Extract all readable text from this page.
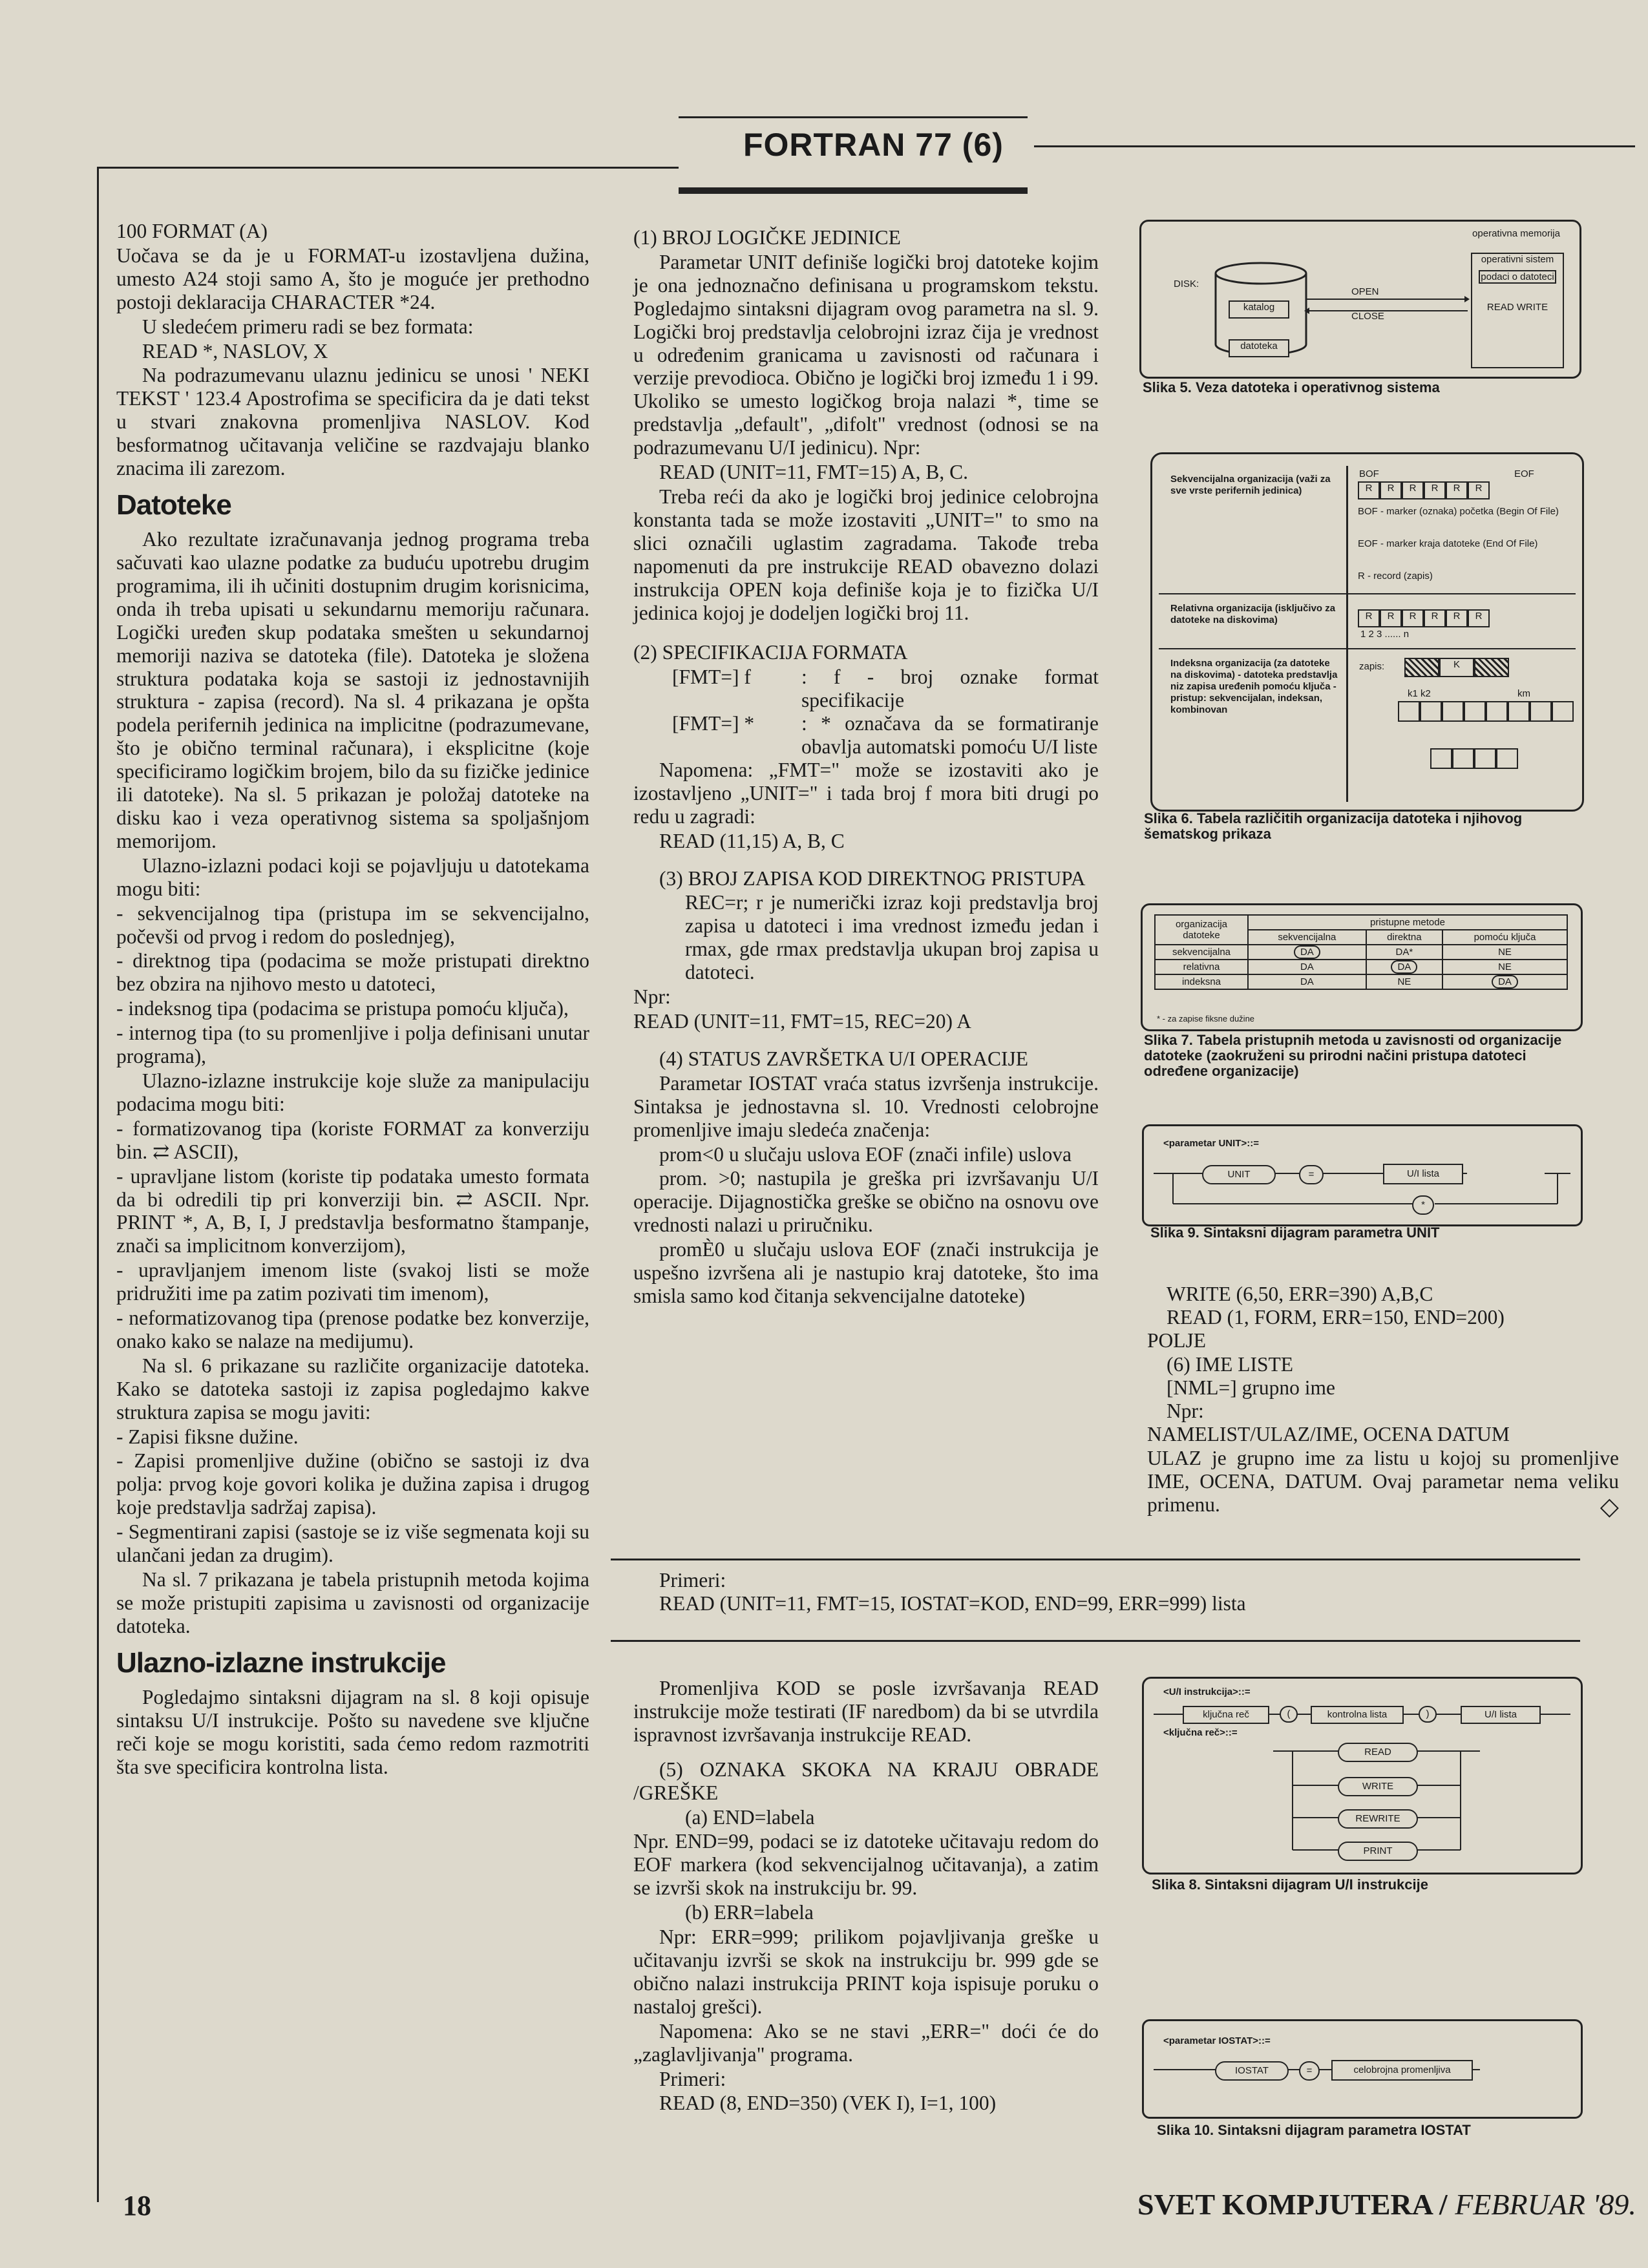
FORTRAN 77 (6)

100 FORMAT (A)

Uočava se da je u FORMAT-u izostavljena dužina, umesto A24 stoji samo A, što je moguće jer prethodno postoji deklaracija CHARACTER *24.

U sledećem primeru radi se bez formata:

READ *, NASLOV, X

Na podrazumevanu ulaznu jedinicu se unosi ' NEKI TEKST ' 123.4 Apostrofima se specificira da je dati tekst u stvari znakovna promenljiva NASLOV. Kod besformatnog učitavanja veličine se razdvajaju blanko znacima ili zarezom.

Datoteke

Ako rezultate izračunavanja jednog programa treba sačuvati kao ulazne podatke za buduću upotrebu drugim programima, ili ih učiniti dostupnim drugim korisnicima, onda ih treba upisati u sekundarnu memoriju računara. Logički uređen skup podataka smešten u sekundarnoj memoriji naziva se datoteka (file). Datoteka je složena struktura podataka koja se sastoji iz jednostavnijih struktura - zapisa (record). Na sl. 4 prikazana je opšta podela perifernih jedinica na implicitne (podrazumevane, što je obično terminal računara), i eksplicitne (koje specificiramo logičkim brojem, bilo da su fizičke jedinice ili datoteke). Na sl. 5 prikazan je položaj datoteke na disku kao i veza operativnog sistema sa spoljašnjom memorijom.

Ulazno-izlazni podaci koji se pojavljuju u datotekama mogu biti:

- sekvencijalnog tipa (pristupa im se sekvencijalno, počevši od prvog i redom do poslednjeg),

- direktnog tipa (podacima se može pristupati direktno bez obzira na njihovo mesto u datoteci,

- indeksnog tipa (podacima se pristupa pomoću ključa),

- internog tipa (to su promenljive i polja definisani unutar programa),

Ulazno-izlazne instrukcije koje služe za manipulaciju podacima mogu biti:

- formatizovanog tipa (koriste FORMAT za konverziju bin. ⇄ ASCII),

- upravljane listom (koriste tip podataka umesto formata da bi odredili tip pri konverziji bin. ⇄ ASCII. Npr. PRINT *, A, B, I, J predstavlja besformatno štampanje, znači sa implicitnom konverzijom),

- upravljanjem imenom liste (svakoj listi se može pridružiti ime pa zatim pozivati tim imenom),

- neformatizovanog tipa (prenose podatke bez konverzije, onako kako se nalaze na medijumu).

Na sl. 6 prikazane su različite organizacije datoteka. Kako se datoteka sastoji iz zapisa pogledajmo kakve struktura zapisa se mogu javiti:

- Zapisi fiksne dužine.

- Zapisi promenljive dužine (obično se sastoji iz dva polja: prvog koje govori kolika je dužina zapisa i drugog koje predstavlja sadržaj zapisa).

- Segmentirani zapisi (sastoje se iz više segmenata koji su ulančani jedan za drugim).

Na sl. 7 prikazana je tabela pristupnih metoda kojima se može pristupiti zapisima u zavisnosti od organizacije datoteka.

Ulazno-izlazne instrukcije

Pogledajmo sintaksni dijagram na sl. 8 koji opisuje sintaksu U/I instrukcije. Pošto su navedene sve ključne reči koje se mogu koristiti, sada ćemo redom razmotriti šta sve specificira kontrolna lista.

(1) BROJ LOGIČKE JEDINICE

Parametar UNIT definiše logički broj datoteke kojim je ona jednoznačno definisana u programskom tekstu. Pogledajmo sintaksni dijagram ovog parametra na sl. 9. Logički broj predstavlja celobrojni izraz čija je vrednost u određenim granicama u zavisnosti od računara i verzije prevodioca. Obično je logički broj između 1 i 99. Ukoliko se umesto logičkog broja nalazi *, time se predstavlja „default", „difolt" vrednost (odnosi se na podrazumevanu U/I jedinicu). Npr:

READ (UNIT=11, FMT=15) A, B, C.

Treba reći da ako je logički broj jedinice celobrojna konstanta tada se može izostaviti „UNIT=" to smo na slici označili uglastim zagradama. Takođe treba napomenuti da pre instrukcije READ obavezno dolazi instrukcija OPEN koja definiše koja je to fizička U/I jedinica kojoj je dodeljen logički broj 11.

(2) SPECIFIKACIJA FORMATA

[FMT=] f	: f - broj oznake format specifikacije
[FMT=] *	: * označava da se formatiranje obavlja automatski pomoću U/I liste

Napomena: „FMT=" može se izostaviti ako je izostavljeno „UNIT=" i tada broj f mora biti drugi po redu u zagradi:

READ (11,15) A, B, C

(3) BROJ ZAPISA KOD DIREKTNOG PRISTUPA

REC=r; r je numerički izraz koji predstavlja broj zapisa u datoteci i ima vrednost između jedan i rmax, gde rmax predstavlja ukupan broj zapisa u datoteci.

Npr:

READ (UNIT=11, FMT=15, REC=20) A

(4) STATUS ZAVRŠETKA U/I OPERACIJE

Parametar IOSTAT vraća status izvršenja instrukcije. Sintaksa je jednostavna sl. 10. Vrednosti celobrojne promenljive imaju sledeća značenja:

prom<0 u slučaju uslova EOF (znači infile) uslova

prom. >0; nastupila je greška pri izvršavanju U/I operacije. Dijagnostička greške se obično na osnovu ove vrednosti nalazi u priručniku.

promÈ0 u slučaju uslova EOF (znači instrukcija je uspešno izvršena ali je nastupio kraj datoteke, što ima smisla samo kod čitanja sekvencijalne datoteke)

DISK:
katalog
datoteka
OPEN
CLOSE
operativna memorija
operativni sistem
podaci o datoteci
READ WRITE
Slika 5. Veza datoteka i operativnog sistema
Sekvencijalna organizacija (važi za sve vrste perifernih jedinica)
BOF	EOF
R	R	R	R	R	R
BOF - marker (oznaka) početka (Begin Of File)
EOF - marker kraja datoteke (End Of File)
R - record (zapis)
Relativna organizacija (isključivo za datoteke na diskovima)	R	R	R	R	R	R
1 2 3 ...... n
Indeksna organizacija (za datoteke na diskovima) - datoteka predstavlja niz zapisa uređenih pomoću ključa - pristup: sekvencijalan, indeksan, kombinovan
zapis:	K
k1 k2	km
Slika 6. Tabela različitih organizacija datoteka i njihovog šematskog prikaza
organizacija datoteke	pristupne metode		
	sekvencijalna	direktna	pomoću ključa
sekvencijalna	DA	DA*	NE
relativna	DA	DA	NE
indeksna	DA	NE	DA
* - za zapise fiksne dužine
Slika 7. Tabela pristupnih metoda u zavisnosti od organizacije datoteke (zaokruženi su prirodni načini pristupa datoteci određene organizacije)
<parametar UNIT>::=
UNIT	=	U/I lista
*
Slika 9. Sintaksni dijagram parametra UNIT
WRITE (6,50, ERR=390) A,B,C
READ (1, FORM, ERR=150, END=200)
POLJE
(6) IME LISTE
[NML=] grupno ime
Npr:
NAMELIST/ULAZ/IME, OCENA DATUM
ULAZ je grupno ime za listu u kojoj su promenljive IME, OCENA, DATUM. Ovaj parametar nema veliku primenu.	◇
Primeri:
READ (UNIT=11, FMT=15, IOSTAT=KOD, END=99, ERR=999) lista

Promenljiva KOD se posle izvršavanja READ instrukcije može testirati (IF naredbom) da bi se utvrdila ispravnost izvršavanja instrukcije READ.

(5) OZNAKA SKOKA NA KRAJU OBRADE /GREŠKE

(a) END=labela

Npr. END=99, podaci se iz datoteke učitavaju redom do EOF markera (kod sekvencijalnog učitavanja), a zatim se izvrši skok na instrukciju br. 99.

(b) ERR=labela

Npr: ERR=999; prilikom pojavljivanja greške u učitavanju izvrši se skok na instrukciju br. 999 gde se obično nalazi instrukcija PRINT koja ispisuje poruku o nastaloj grešci).

Napomena: Ako se ne stavi „ERR=" doći će do „zaglavljivanja" programa.

Primeri:

READ (8, END=350) (VEK I), I=1, 100)

<U/I instrukcija>::=
ključna reč	(	kontrolna lista	)	U/I lista
<ključna reč>::=
READ
WRITE
REWRITE
PRINT
Slika 8. Sintaksni dijagram U/I instrukcije
<parametar IOSTAT>::=
IOSTAT	=	celobrojna promenljiva
Slika 10. Sintaksni dijagram parametra IOSTAT
18	SVET KOMPJUTERA / FEBRUAR '89.
